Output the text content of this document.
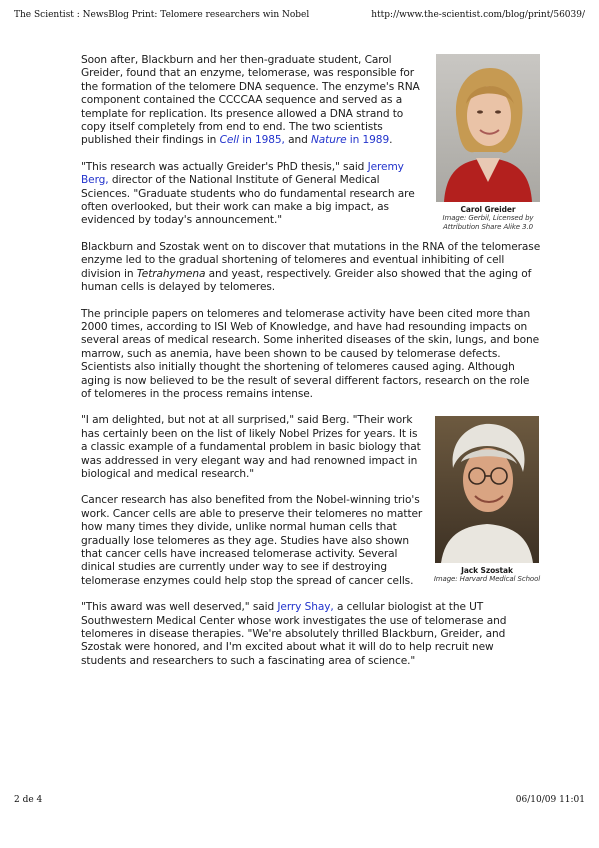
The Scientist : NewsBlog Print: Telomere researchers win Nobel	http://www.the-scientist.com/blog/print/56039/
Carol Greider
Image: Gerbil, Licensed by
Attribution Share Alike 3.0

Soon after, Blackburn and her then-graduate student, Carol Greider, found that an enzyme, telomerase, was responsible for the formation of the telomere DNA sequence. The enzyme's RNA component contained the CCCCAA sequence and served as a template for replication. Its presence allowed a DNA strand to copy itself completely from end to end. The two scientists published their findings in Cell in 1985, and Nature in 1989.

"This research was actually Greider's PhD thesis," said Jeremy Berg, director of the National Institute of General Medical Sciences. "Graduate students who do fundamental research are often overlooked, but their work can make a big impact, as evidenced by today's announcement."

Blackburn and Szostak went on to discover that mutations in the RNA of the telomerase enzyme led to the gradual shortening of telomeres and eventual inhibiting of cell division in Tetrahymena and yeast, respectively. Greider also showed that the aging of human cells is delayed by telomeres.

The principle papers on telomeres and telomerase activity have been cited more than 2000 times, according to ISI Web of Knowledge, and have had resounding impacts on several areas of medical research. Some inherited diseases of the skin, lungs, and bone marrow, such as anemia, have been shown to be caused by telomerase defects. Scientists also initially thought the shortening of telomeres caused aging. Although aging is now believed to be the result of several different factors, research on the role of telomeres in the process remains intense.

Jack Szostak
Image: Harvard Medical School

"I am delighted, but not at all surprised," said Berg. "Their work has certainly been on the list of likely Nobel Prizes for years. It is a classic example of a fundamental problem in basic biology that was addressed in very elegant way and had renowned impact in biological and medical research."

Cancer research has also benefited from the Nobel-winning trio's work. Cancer cells are able to preserve their telomeres no matter how many times they divide, unlike normal human cells that gradually lose telomeres as they age. Studies have also shown that cancer cells have increased telomerase activity. Several dinical studies are currently under way to see if destroying telomerase enzymes could help stop the spread of cancer cells.

"This award was well deserved," said Jerry Shay, a cellular biologist at the UT Southwestern Medical Center whose work investigates the use of telomerase and telomeres in disease therapies. "We're absolutely thrilled Blackburn, Greider, and Szostak were honored, and I'm excited about what it will do to help recruit new students and researchers to such a fascinating area of science."

2 de 4	06/10/09 11:01
